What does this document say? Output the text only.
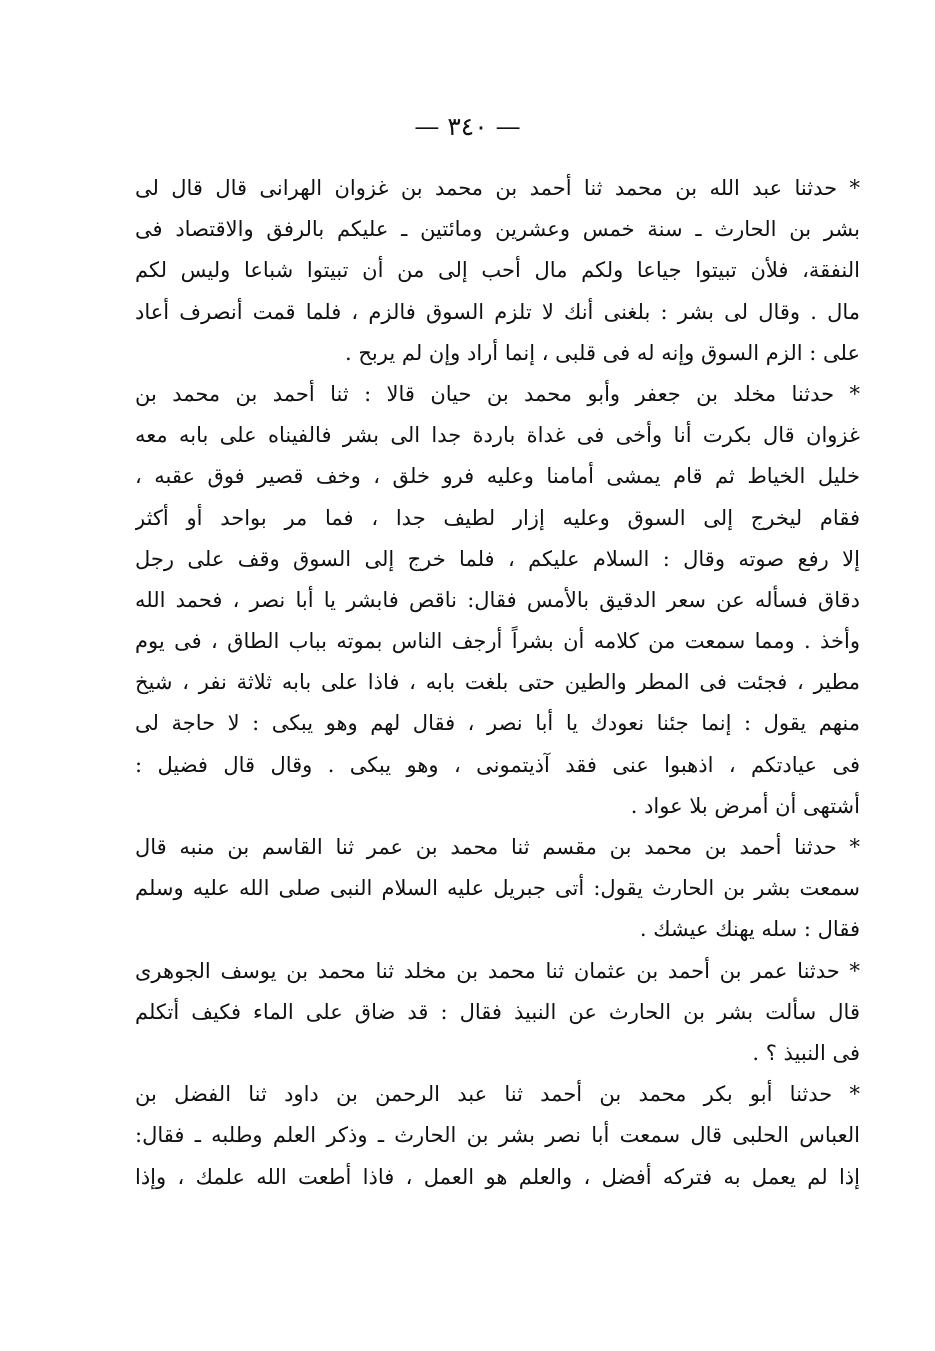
— ٣٤٠ —
* حدثنا عبد الله بن محمد ثنا أحمد بن محمد بن غزوان الهرانى قال قال لى
بشر بن الحارث ـ سنة خمس وعشرين ومائتين ـ عليكم بالرفق والاقتصاد فى
النفقة، فلأن تبيتوا جياعا ولكم مال أحب إلى من أن تبيتوا شباعا وليس لكم
مال . وقال لى بشر : بلغنى أنك لا تلزم السوق فالزم ، فلما قمت أنصرف أعاد
على : الزم السوق وإنه له فى قلبى ، إنما أراد وإن لم يربح .
* حدثنا مخلد بن جعفر وأبو محمد بن حيان قالا : ثنا أحمد بن محمد بن
غزوان قال بكرت أنا وأخى فى غداة باردة جدا الى بشر فالفيناه على بابه معه
خليل الخياط ثم قام يمشى أمامنا وعليه فرو خلق ، وخف قصير فوق عقبه ،
فقام ليخرج إلى السوق وعليه إزار لطيف جدا ، فما مر بواحد أو أكثر
إلا رفع صوته وقال : السلام عليكم ، فلما خرج إلى السوق وقف على رجل
دقاق فسأله عن سعر الدقيق بالأمس فقال: ناقص فابشر يا أبا نصر ، فحمد الله
وأخذ . ومما سمعت من كلامه أن بشراً أرجف الناس بموته بباب الطاق ، فى يوم
مطير ، فجئت فى المطر والطين حتى بلغت بابه ، فاذا على بابه ثلاثة نفر ، شيخ
منهم يقول : إنما جئنا نعودك يا أبا نصر ، فقال لهم وهو يبكى : لا حاجة لى
فى عيادتكم ، اذهبوا عنى فقد آذيتمونى ، وهو يبكى . وقال قال فضيل :
أشتهى أن أمرض بلا عواد .
* حدثنا أحمد بن محمد بن مقسم ثنا محمد بن عمر ثنا القاسم بن منبه قال
سمعت بشر بن الحارث يقول: أتى جبريل عليه السلام النبى صلى الله عليه وسلم
فقال : سله يهنك عيشك .
* حدثنا عمر بن أحمد بن عثمان ثنا محمد بن مخلد ثنا محمد بن يوسف الجوهرى
قال سألت بشر بن الحارث عن النبيذ فقال : قد ضاق على الماء فكيف أتكلم
فى النبيذ ؟ .
* حدثنا أبو بكر محمد بن أحمد ثنا عبد الرحمن بن داود ثنا الفضل بن
العباس الحلبى قال سمعت أبا نصر بشر بن الحارث ـ وذكر العلم وطلبه ـ فقال:
إذا لم يعمل به فتركه أفضل ، والعلم هو العمل ، فاذا أطعت الله علمك ، وإذا
